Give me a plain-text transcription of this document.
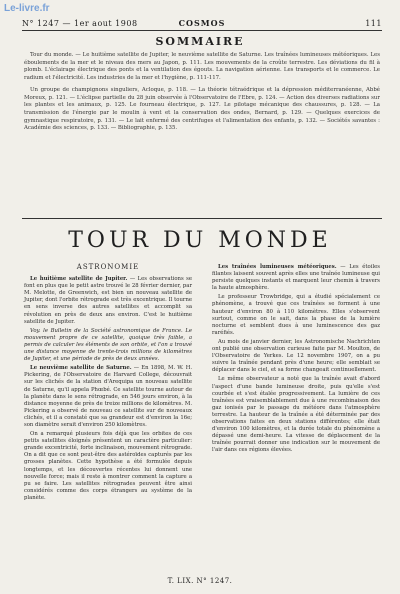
Le-livre.fr
N° 1247 — 1er aout 1908	COSMOS	111
SOMMAIRE

Tour du monde. — Le huitième satellite de Jupiter, le neuvième satellite de Saturne. Les traînées lumineuses météoriques. Les éboulements de la mer et le niveau des mers au Japon, p. 111. Les mouvements de la croûte terrestre. Les déviations du fil à plomb. L'éclairage électrique des ponts et la ventilation des égouts. La navigation aérienne. Les transports et le commerce. Le radium et l'électricité. Les industries de la mer et l'hygiène, p. 111-117.

Un groupe de champignons singuliers, Acloque, p. 118. — La théorie tétraédrique et la dépression méditerranéenne, Abbé Moreux, p. 121. — L'éclipse partielle du 28 juin observée à l'Observatoire de l'Ebre, p. 124. — Action des diverses radiations sur les plantes et les animaux, p. 125. Le fourneau électrique, p. 127. Le pilotage mécanique des chaussures, p. 128. — La transmission de l'énergie par le moulin à vent et la conservation des ondes, Bernard, p. 129. — Quelques exercices de gymnastique respiratoire, p. 131. — Le lait enfermé des centrifuges et l'alimentation des enfants, p. 132. — Sociétés savantes : Académie des sciences, p. 133. — Bibliographie, p. 135.

TOUR DU MONDE
ASTRONOMIE

Le huitième satellite de Jupiter. — Les observations se font en plus que le petit astre trouvé le 28 février dernier, par M. Melotte, de Greenwich, est bien un nouveau satellite de Jupiter, dont l'orbite rétrograde est très excentrique. Il tourne en sens inverse des autres satellites et accomplit sa révolution en près de deux ans environ. C'est le huitième satellite de Jupiter.

Voy. le Bulletin de la Société astronomique de France. Le mouvement propre de ce satellite, quoique très faible, a permis de calculer les éléments de son orbite, et l'on a trouvé une distance moyenne de trente-trois millions de kilomètres de Jupiter, et une période de près de deux années.

Le neuvième satellite de Saturne. — En 1898, M. W. H. Pickering, de l'Observatoire de Harvard College, découvrait sur les clichés de la station d'Arequipa un nouveau satellite de Saturne, qu'il appela Phœbé. Ce satellite tourne autour de la planète dans le sens rétrograde, en 546 jours environ, à la distance moyenne de près de treize millions de kilomètres. M. Pickering a observé de nouveau ce satellite sur de nouveaux clichés, et il a constaté que sa grandeur est d'environ la 16e; son diamètre serait d'environ 250 kilomètres.

On a remarqué plusieurs fois déjà que les orbites de ces petits satellites éloignés présentent un caractère particulier: grande excentricité, forte inclinaison, mouvement rétrograde. On a dit que ce sont peut-être des astéroïdes capturés par les grosses planètes. Cette hypothèse a été formulée depuis longtemps, et les découvertes récentes lui donnent une nouvelle force; mais il reste à montrer comment la capture a pu se faire. Les satellites rétrogrades peuvent être ainsi considérés comme des corps étrangers au système de la planète.

Les traînées lumineuses météoriques. — Les étoiles filantes laissent souvent après elles une traînée lumineuse qui persiste quelques instants et marquent leur chemin à travers la haute atmosphère.

Le professeur Trowbridge, qui a étudié spécialement ce phénomène, a trouvé que ces traînées se forment à une hauteur d'environ 80 à 110 kilomètres. Elles s'observent surtout, comme on le sait, dans la phase de la lumière nocturne et semblent dues à une luminescence des gaz raréfiés.

Au mois de janvier dernier, les Astronomische Nachrichten ont publié une observation curieuse faite par M. Moulton, de l'Observatoire de Yerkes. Le 12 novembre 1907, on a pu suivre la traînée pendant près d'une heure; elle semblait se déplacer dans le ciel, et sa forme changeait continuellement.

Le même observateur a noté que la traînée avait d'abord l'aspect d'une bande lumineuse droite, puis qu'elle s'est courbée et s'est étalée progressivement. La lumière de ces traînées est vraisemblablement due à une recombinaison des gaz ionisés par le passage du météore dans l'atmosphère terrestre. La hauteur de la traînée a été déterminée par des observations faites en deux stations différentes; elle était d'environ 100 kilomètres, et la durée totale du phénomène a dépassé une demi-heure. La vitesse de déplacement de la traînée pourrait donner une indication sur le mouvement de l'air dans ces régions élevées.

T. LIX. N° 1247.
